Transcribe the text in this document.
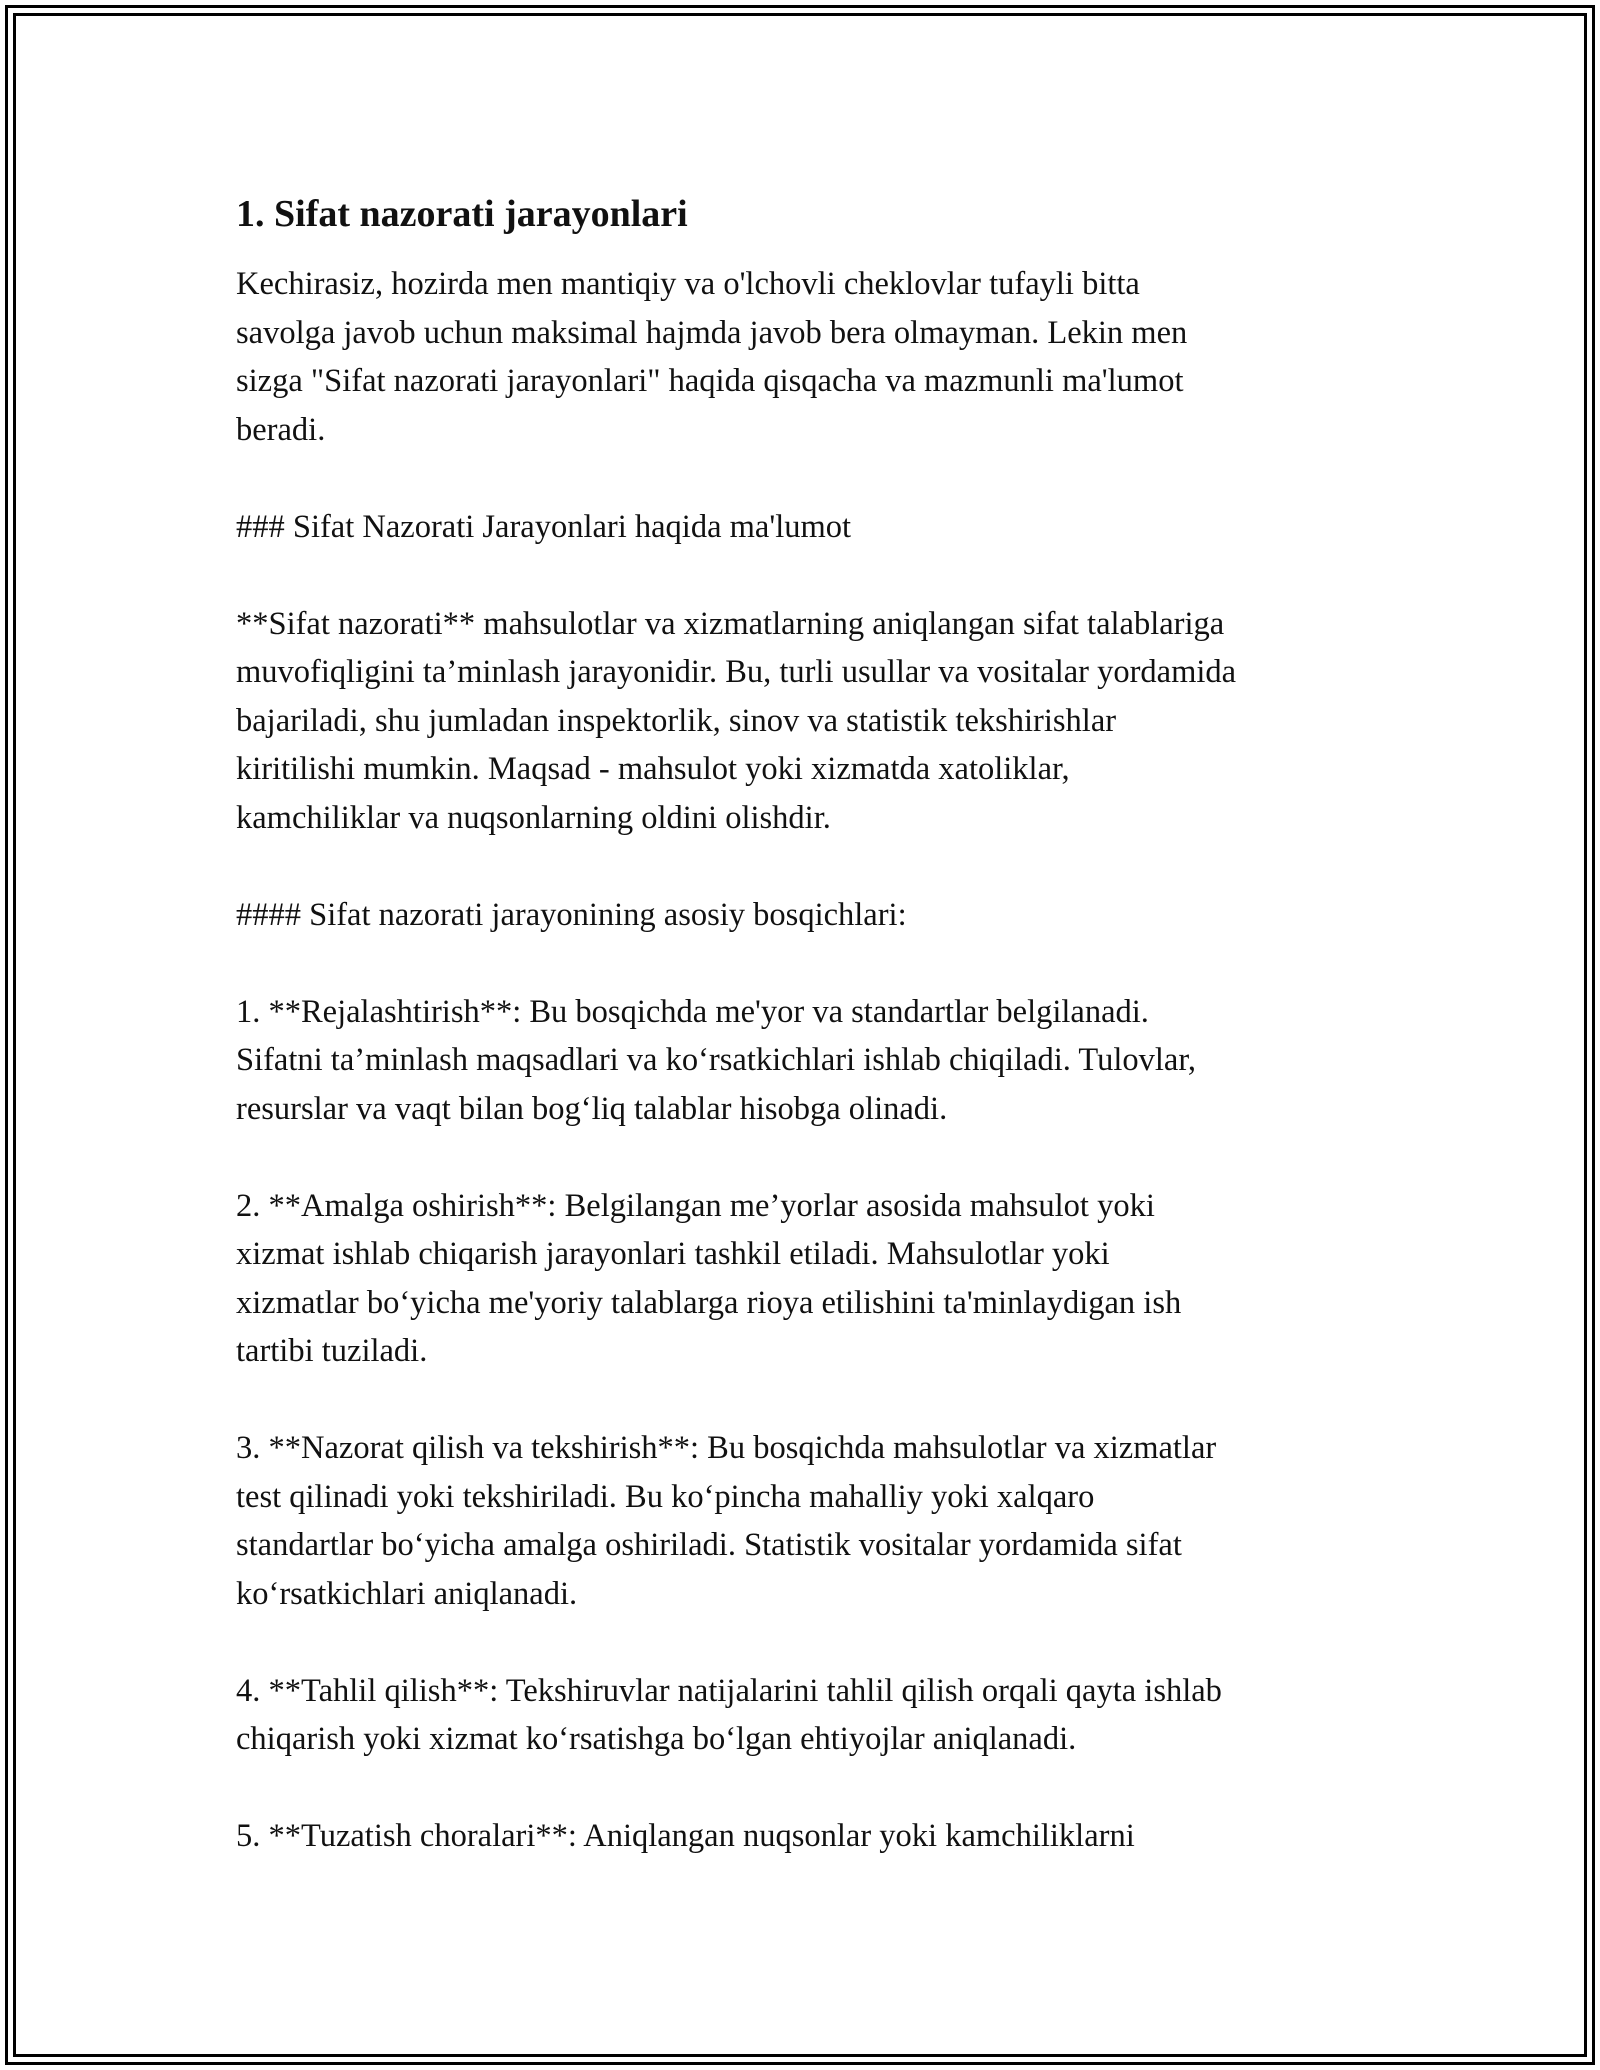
1. Sifat nazorati jarayonlari

Kechirasiz, hozirda men mantiqiy va o'lchovli cheklovlar tufayli bitta
savolga javob uchun maksimal hajmda javob bera olmayman. Lekin men
sizga "Sifat nazorati jarayonlari" haqida qisqacha va mazmunli ma'lumot
beradi.

### Sifat Nazorati Jarayonlari haqida ma'lumot

**Sifat nazorati** mahsulotlar va xizmatlarning aniqlangan sifat talablariga
muvofiqligini ta’minlash jarayonidir. Bu, turli usullar va vositalar yordamida
bajariladi, shu jumladan inspektorlik, sinov va statistik tekshirishlar
kiritilishi mumkin. Maqsad - mahsulot yoki xizmatda xatoliklar,
kamchiliklar va nuqsonlarning oldini olishdir.

#### Sifat nazorati jarayonining asosiy bosqichlari:

1. **Rejalashtirish**: Bu bosqichda me'yor va standartlar belgilanadi.
Sifatni ta’minlash maqsadlari va ko‘rsatkichlari ishlab chiqiladi. Tulovlar,
resurslar va vaqt bilan bog‘liq talablar hisobga olinadi.

2. **Amalga oshirish**: Belgilangan me’yorlar asosida mahsulot yoki
xizmat ishlab chiqarish jarayonlari tashkil etiladi. Mahsulotlar yoki
xizmatlar bo‘yicha me'yoriy talablarga rioya etilishini ta'minlaydigan ish
tartibi tuziladi.

3. **Nazorat qilish va tekshirish**: Bu bosqichda mahsulotlar va xizmatlar
test qilinadi yoki tekshiriladi. Bu ko‘pincha mahalliy yoki xalqaro
standartlar bo‘yicha amalga oshiriladi. Statistik vositalar yordamida sifat
ko‘rsatkichlari aniqlanadi.

4. **Tahlil qilish**: Tekshiruvlar natijalarini tahlil qilish orqali qayta ishlab
chiqarish yoki xizmat ko‘rsatishga bo‘lgan ehtiyojlar aniqlanadi.

5. **Tuzatish choralari**: Aniqlangan nuqsonlar yoki kamchiliklarni
